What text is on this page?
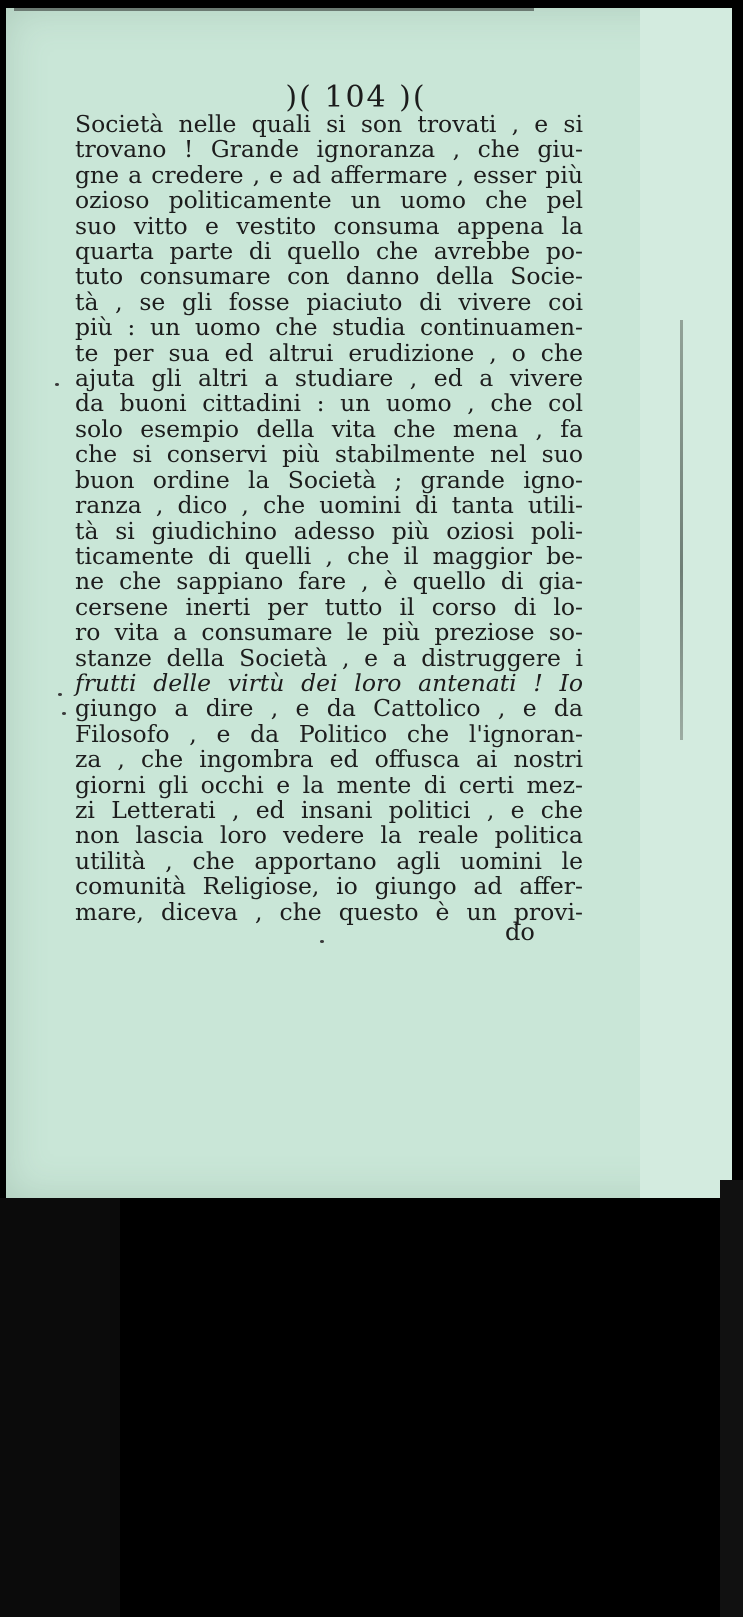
)( 104 )(
Società nelle quali si son trovati , e si
trovano ! Grande ignoranza , che giu-
gne a credere , e ad affermare , esser più
ozioso politicamente un uomo che pel
suo vitto e vestito consuma appena la
quarta parte di quello che avrebbe po-
tuto consumare con danno della Socie-
tà , se gli fosse piaciuto di vivere coi
più : un uomo che studia continuamen-
te per sua ed altrui erudizione , o che
ajuta gli altri a studiare , ed a vivere
da buoni cittadini : un uomo , che col
solo esempio della vita che mena , fa
che si conservi più stabilmente nel suo
buon ordine la Società ; grande igno-
ranza , dico , che uomini di tanta utili-
tà si giudichino adesso più oziosi poli-
ticamente di quelli , che il maggior be-
ne che sappiano fare , è quello di gia-
cersene inerti per tutto il corso di lo-
ro vita a consumare le più preziose so-
stanze della Società , e a distruggere i
frutti delle virtù dei loro antenati ! Io
giungo a dire , e da Cattolico , e da
Filosofo , e da Politico che l'ignoran-
za , che ingombra ed offusca ai nostri
giorni gli occhi e la mente di certi mez-
zi Letterati , ed insani politici , e che
non lascia loro vedere la reale politica
utilità , che apportano agli uomini le
comunità Religiose, io giungo ad affer-
mare, diceva , che questo è un provi-
do
